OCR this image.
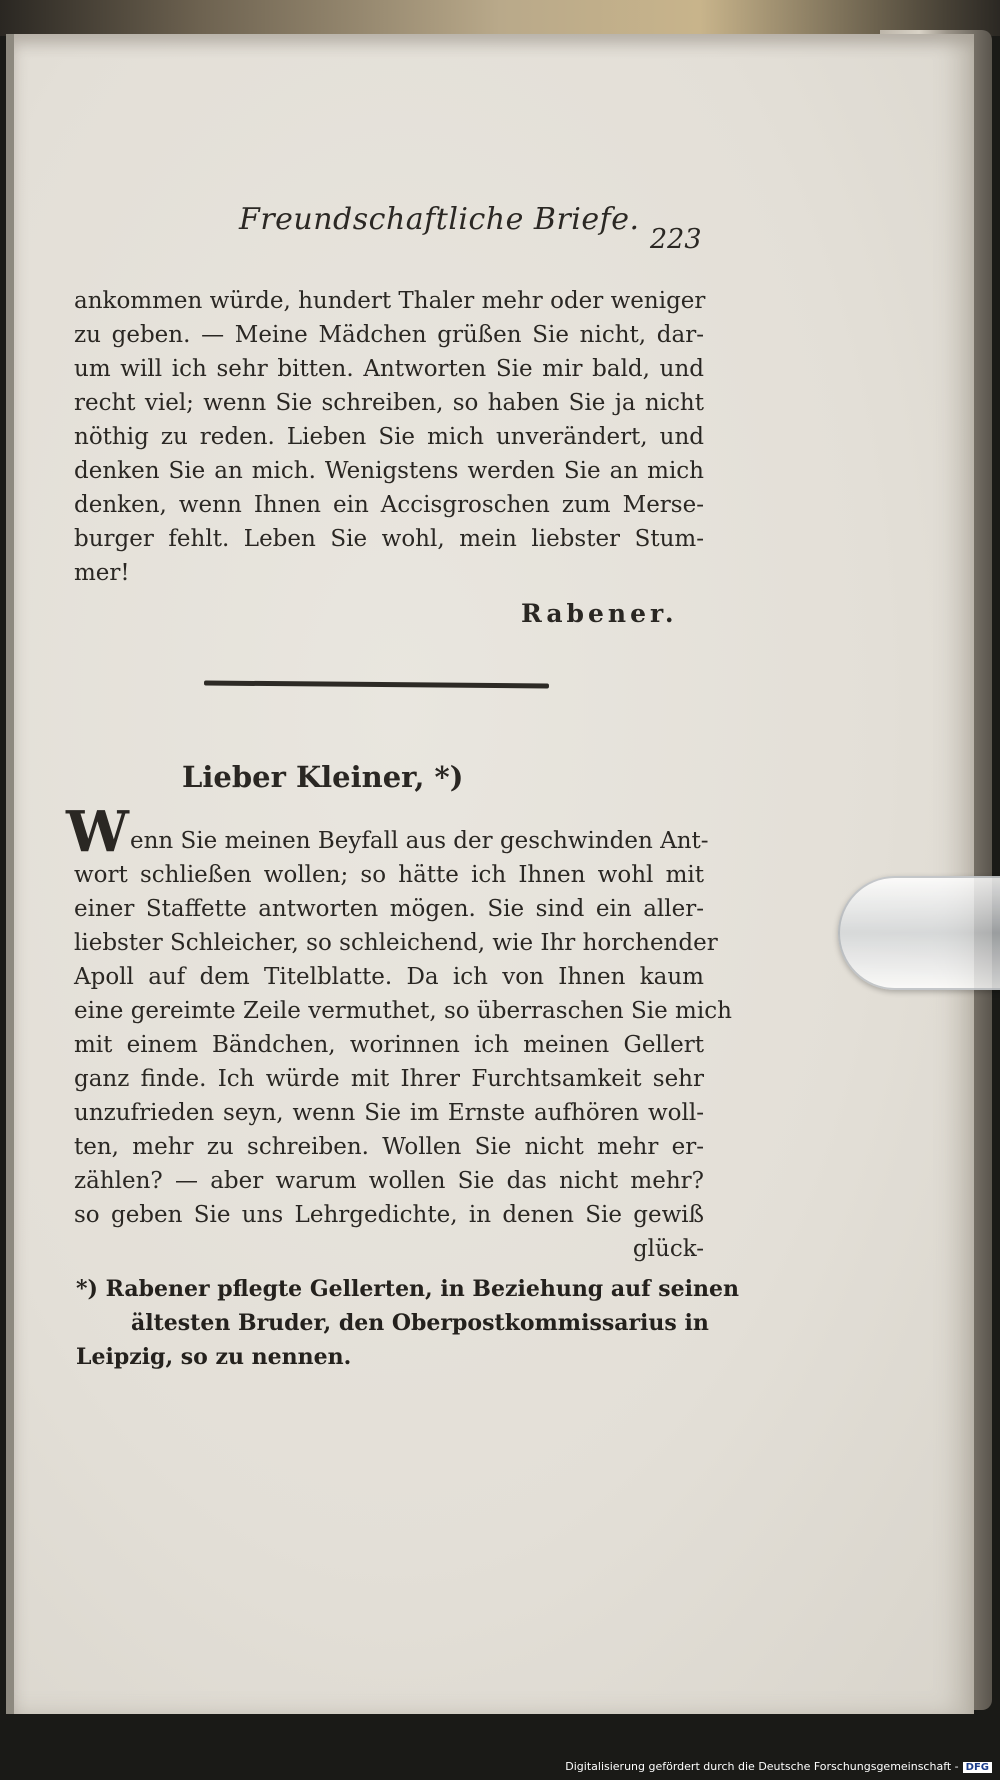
Freundschaftliche Briefe.
223
ankommen würde, hundert Thaler mehr oder weniger
zu geben. — Meine Mädchen grüßen Sie nicht, dar-
um will ich sehr bitten. Antworten Sie mir bald, und
recht viel; wenn Sie schreiben, so haben Sie ja nicht
nöthig zu reden. Lieben Sie mich unverändert, und
denken Sie an mich. Wenigstens werden Sie an mich
denken, wenn Ihnen ein Accisgroschen zum Merse-
burger fehlt. Leben Sie wohl, mein liebster Stum-
mer!
Rabener.
Lieber Kleiner, *)
W enn Sie meinen Beyfall aus der geschwinden Ant-
wort schließen wollen; so hätte ich Ihnen wohl mit
einer Staffette antworten mögen. Sie sind ein aller-
liebster Schleicher, so schleichend, wie Ihr horchender
Apoll auf dem Titelblatte. Da ich von Ihnen kaum
eine gereimte Zeile vermuthet, so überraschen Sie mich
mit einem Bändchen, worinnen ich meinen Gellert
ganz finde. Ich würde mit Ihrer Furchtsamkeit sehr
unzufrieden seyn, wenn Sie im Ernste aufhören woll-
ten, mehr zu schreiben. Wollen Sie nicht mehr er-
zählen? — aber warum wollen Sie das nicht mehr?
so geben Sie uns Lehrgedichte, in denen Sie gewiß
glück-
*) Rabener pflegte Gellerten, in Beziehung auf seinen
ältesten Bruder, den Oberpostkommissarius in
Leipzig, so zu nennen.
Digitalisierung gefördert durch die Deutsche Forschungsgemeinschaft - DFG
